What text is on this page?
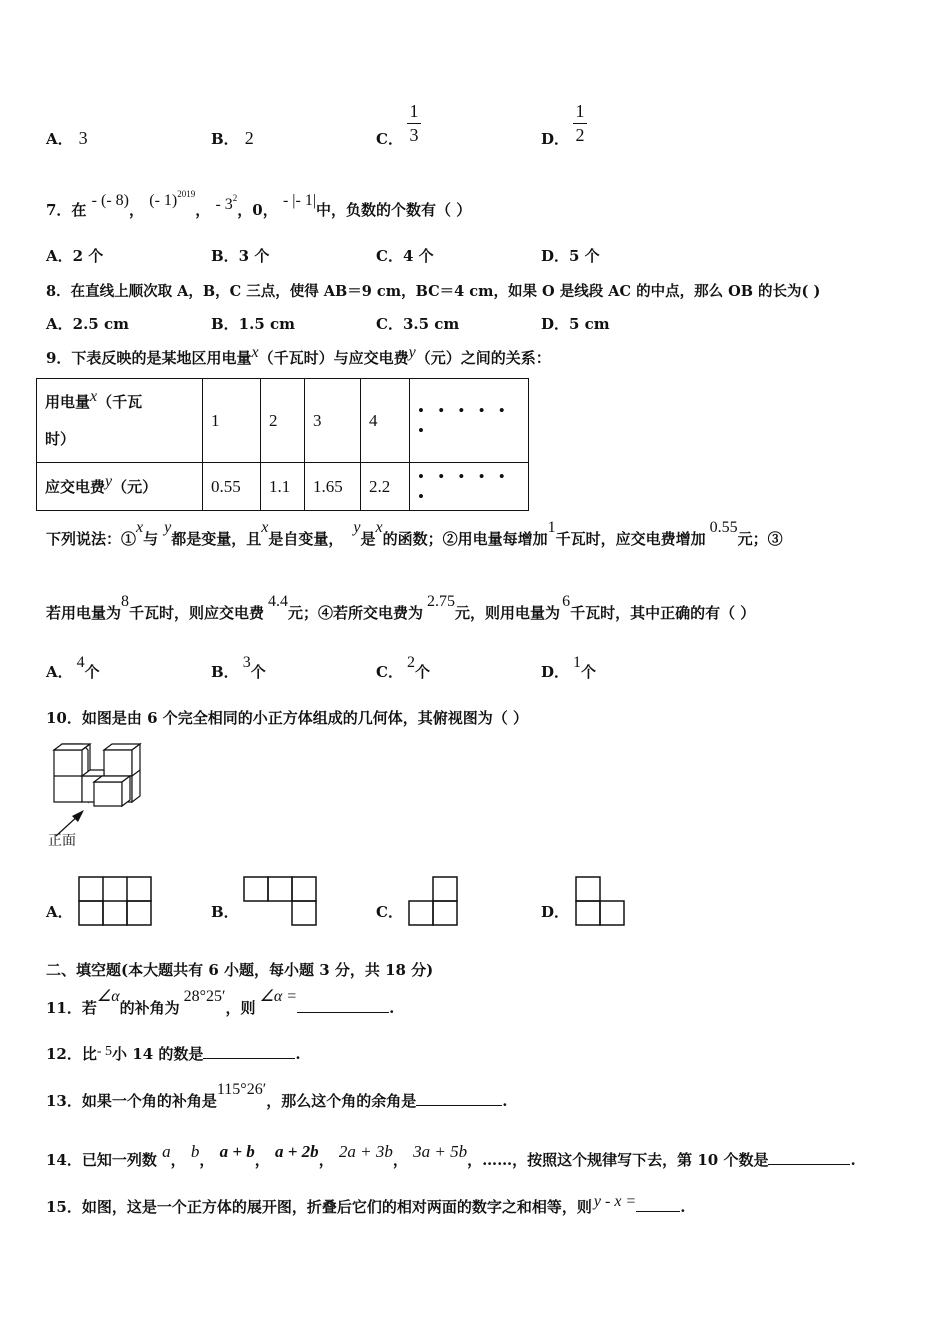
A． 3	B． 2	C．
1
3	D．
1
2
7．在 - (- 8)， (- 1)$^{2019}$， - $3^2$，0， - |- 1|中，负数的个数有（ ）
A．2 个	B．3 个	C．4 个	D．5 个
8．在直线上顺次取 A，B，C 三点，使得 AB＝9 cm，BC＝4 cm，如果 O 是线段 AC 的中点，那么 OB 的长为( )
A．2.5 cm	B．1.5 cm	C．3.5 cm	D．5 cm
9．下表反映的是某地区用电量x（千瓦时）与应交电费y（元）之间的关系：
用电量x（千瓦
时）	1	2	3	4	• • • • • •
应交电费y（元）	0.55	1.1	1.65	2.2	• • • • • •
下列说法：①x与y都是变量，且x是自变量，y是x的函数；②用电量每增加1千瓦时，应交电费增加0.55元；③
若用电量为8千瓦时，则应交电费4.4元；④若所交电费为2.75元，则用电量为6千瓦时，其中正确的有（ ）
A．4个	B．3个	C．2个	D．1个
10．如图是由 6 个完全相同的小正方体组成的几何体，其俯视图为（ ）
正面
A．	B．	C．	D．
二、填空题(本大题共有 6 小题，每小题 3 分，共 18 分)
11．若∠α的补角为28°25′，则∠α =.
12．比- 5小 14 的数是	.
13．如果一个角的补角是115°26′，那么这个角的余角是	.
14．已知一列数 a， b， a + b， a + 2b， 2a + 3b， 3a + 5b，……，按照这个规律写下去，第 10 个数是	.
15．如图，这是一个正方体的展开图，折叠后它们的相对两面的数字之和相等，则 y - x =	.
